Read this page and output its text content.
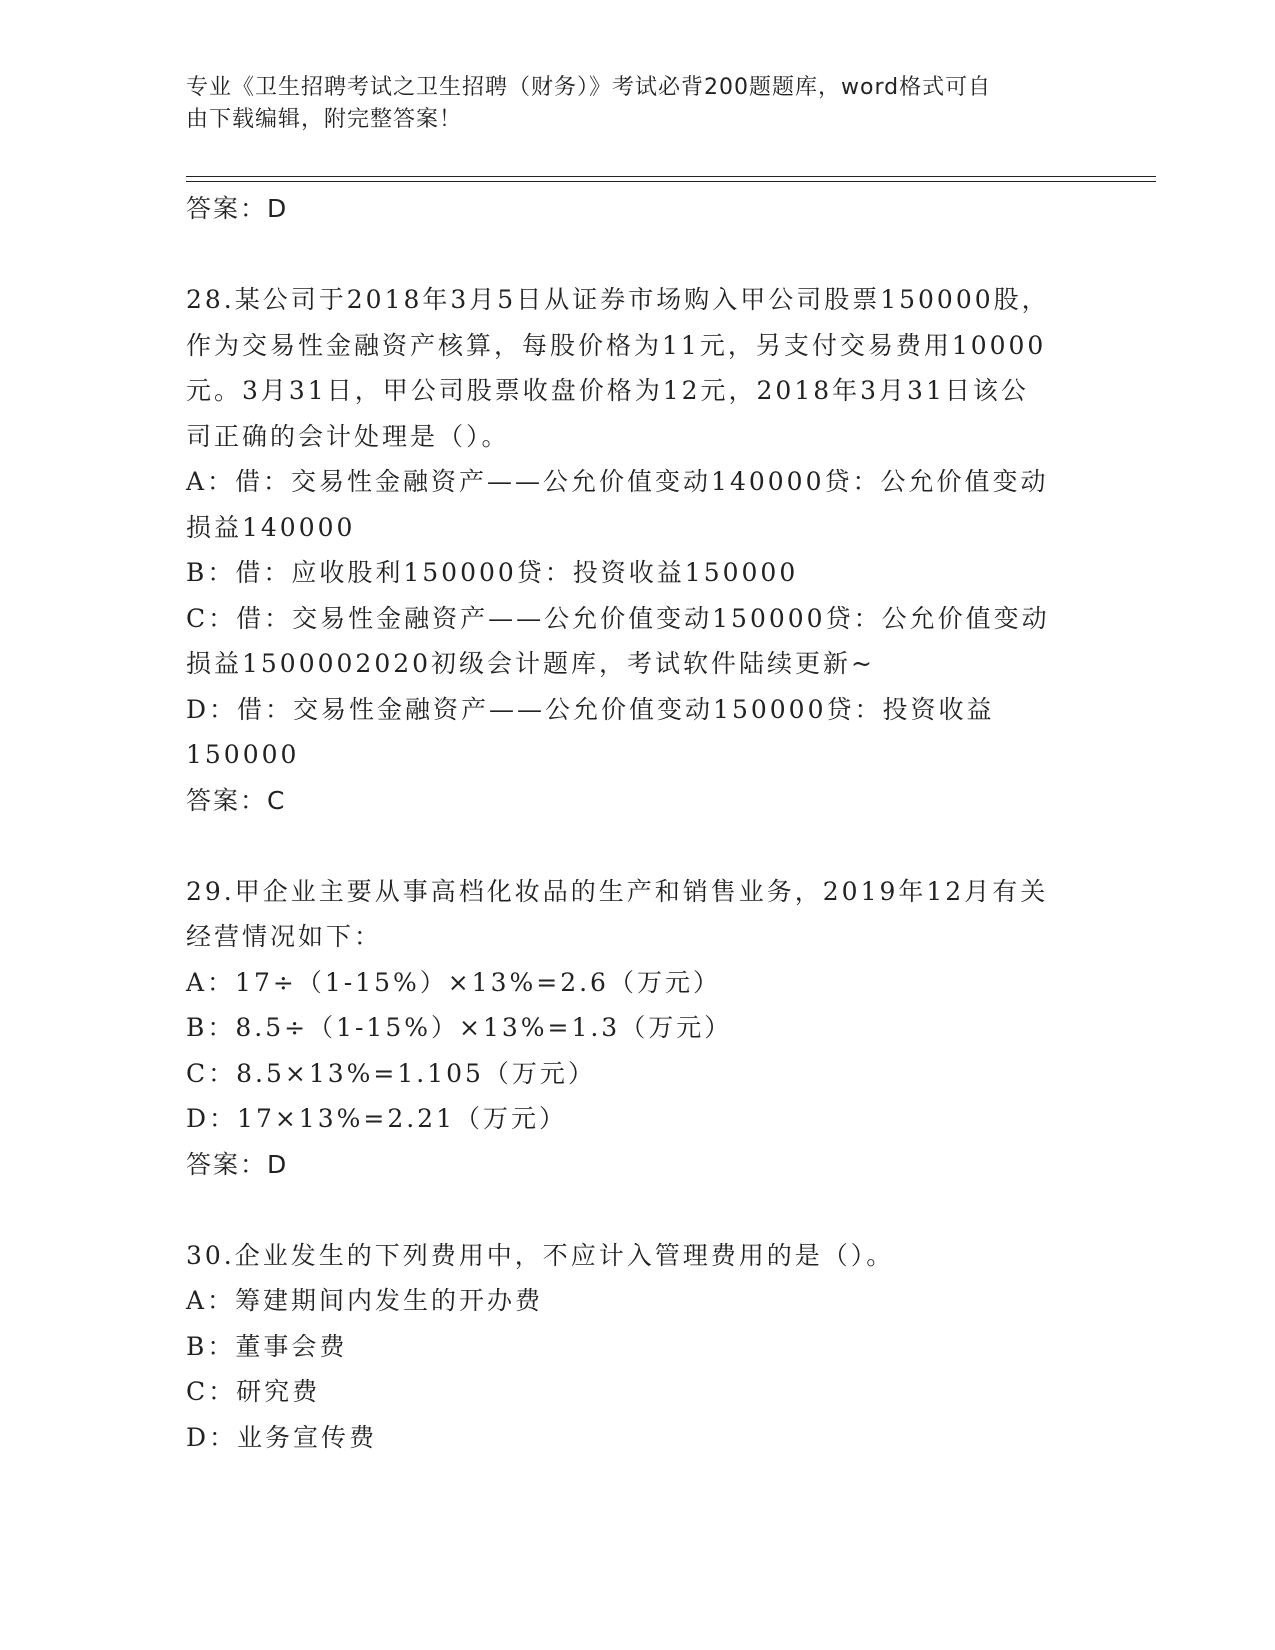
专业《卫生招聘考试之卫生招聘（财务）》考试必背200题题库，word格式可自
由下载编辑，附完整答案！
答案：D
28.某公司于2018年3月5日从证券市场购入甲公司股票150000股，
作为交易性金融资产核算，每股价格为11元，另支付交易费用10000
元。3月31日，甲公司股票收盘价格为12元，2018年3月31日该公
司正确的会计处理是（）。
A：借：交易性金融资产——公允价值变动140000贷：公允价值变动
损益140000
B：借：应收股利150000贷：投资收益150000
C：借：交易性金融资产——公允价值变动150000贷：公允价值变动
损益1500002020初级会计题库，考试软件陆续更新~
D：借：交易性金融资产——公允价值变动150000贷：投资收益
150000
答案：C
29.甲企业主要从事高档化妆品的生产和销售业务，2019年12月有关
经营情况如下：
A：17÷（1-15%）×13%=2.6（万元）
B：8.5÷（1-15%）×13%=1.3（万元）
C：8.5×13%=1.105（万元）
D：17×13%=2.21（万元）
答案：D
30.企业发生的下列费用中，不应计入管理费用的是（）。
A：筹建期间内发生的开办费
B：董事会费
C：研究费
D：业务宣传费
